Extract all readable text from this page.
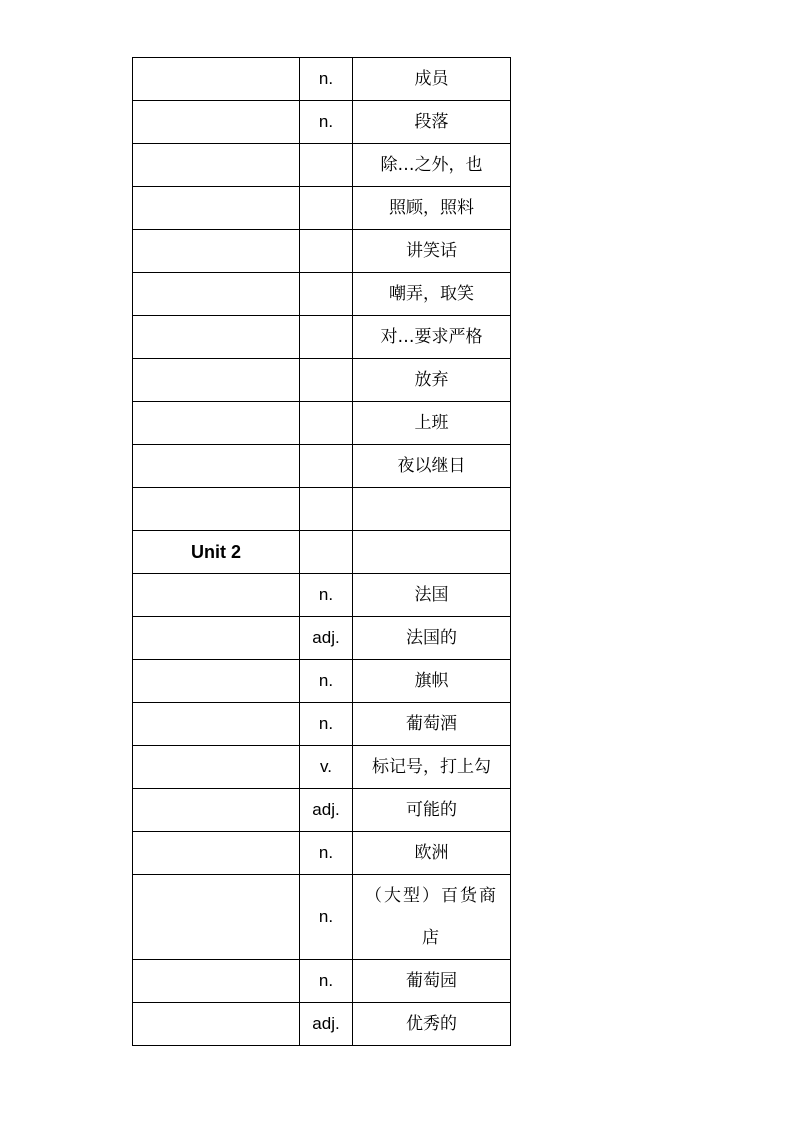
	n.	成员
	n.	段落
		除…之外，也
		照顾，照料
		讲笑话
		嘲弄，取笑
		对…要求严格
		放弃
		上班
		夜以继日

Unit 2		
	n.	法国
	adj.	法国的
	n.	旗帜
	n.	葡萄酒
	v.	标记号，打上勾
	adj.	可能的
	n.	欧洲
	n.	（大型）百货商店
	n.	葡萄园
	adj.	优秀的
